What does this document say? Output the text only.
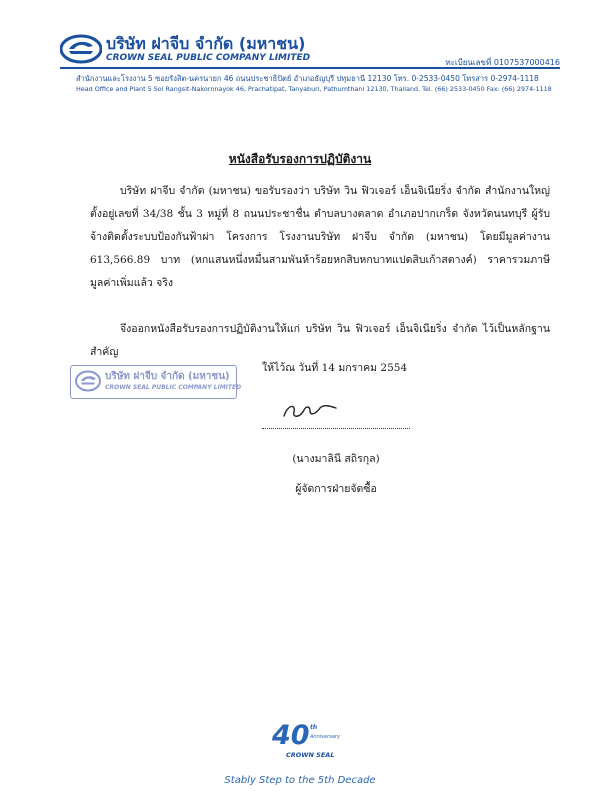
บริษัท ฝาจีบ จำกัด (มหาชน)
CROWN SEAL PUBLIC COMPANY LIMITED	ทะเบียนเลขที่ 0107537000416
สำนักงานและโรงงาน 5 ซอยรังสิต-นครนายก 46 ถนนประชาธิปัตย์ อำเภอธัญบุรี ปทุมธานี 12130 โทร. 0-2533-0450 โทรสาร 0-2974-1118
Head Office and Plant 5 Soi Rangsit-Nakornnayok 46, Prachatipat, Tanyaburi, Pathumthani 12130, Thailand. Tel. (66) 2533-0450 Fax: (66) 2974-1118
หนังสือรับรองการปฏิบัติงาน

บริษัท ฝาจีบ จำกัด (มหาชน) ขอรับรองว่า บริษัท วิน ฟิวเจอร์ เอ็นจิเนียริ่ง จำกัด สำนักงานใหญ่ตั้งอยู่เลขที่ 34/38 ชั้น 3 หมู่ที่ 8 ถนนประชาชื่น ตำบลบางตลาด อำเภอปากเกร็ด จังหวัดนนทบุรี ผู้รับจ้างติดตั้งระบบป้องกันฟ้าผ่า โครงการ โรงงานบริษัท ฝาจีบ จำกัด (มหาชน) โดยมีมูลค่างาน 613,566.89 บาท (หกแสนหนึ่งหมื่นสามพันห้าร้อยหกสิบหกบาทแปดสิบเก้าสตางค์) ราคารวมภาษีมูลค่าเพิ่มแล้ว จริง

จึงออกหนังสือรับรองการปฏิบัติงานให้แก่ บริษัท วิน ฟิวเจอร์ เอ็นจิเนียริ่ง จำกัด ไว้เป็นหลักฐานสำคัญ

บริษัท ฝาจีบ จำกัด (มหาชน)
CROWN SEAL PUBLIC COMPANY LIMITED
ให้ไว้ณ วันที่ 14 มกราคม 2554
(นางมาลินี สถิรกุล)
ผู้จัดการฝ่ายจัดซื้อ
40 th
Anniversary
CROWN SEAL
Stably Step to the 5th Decade
